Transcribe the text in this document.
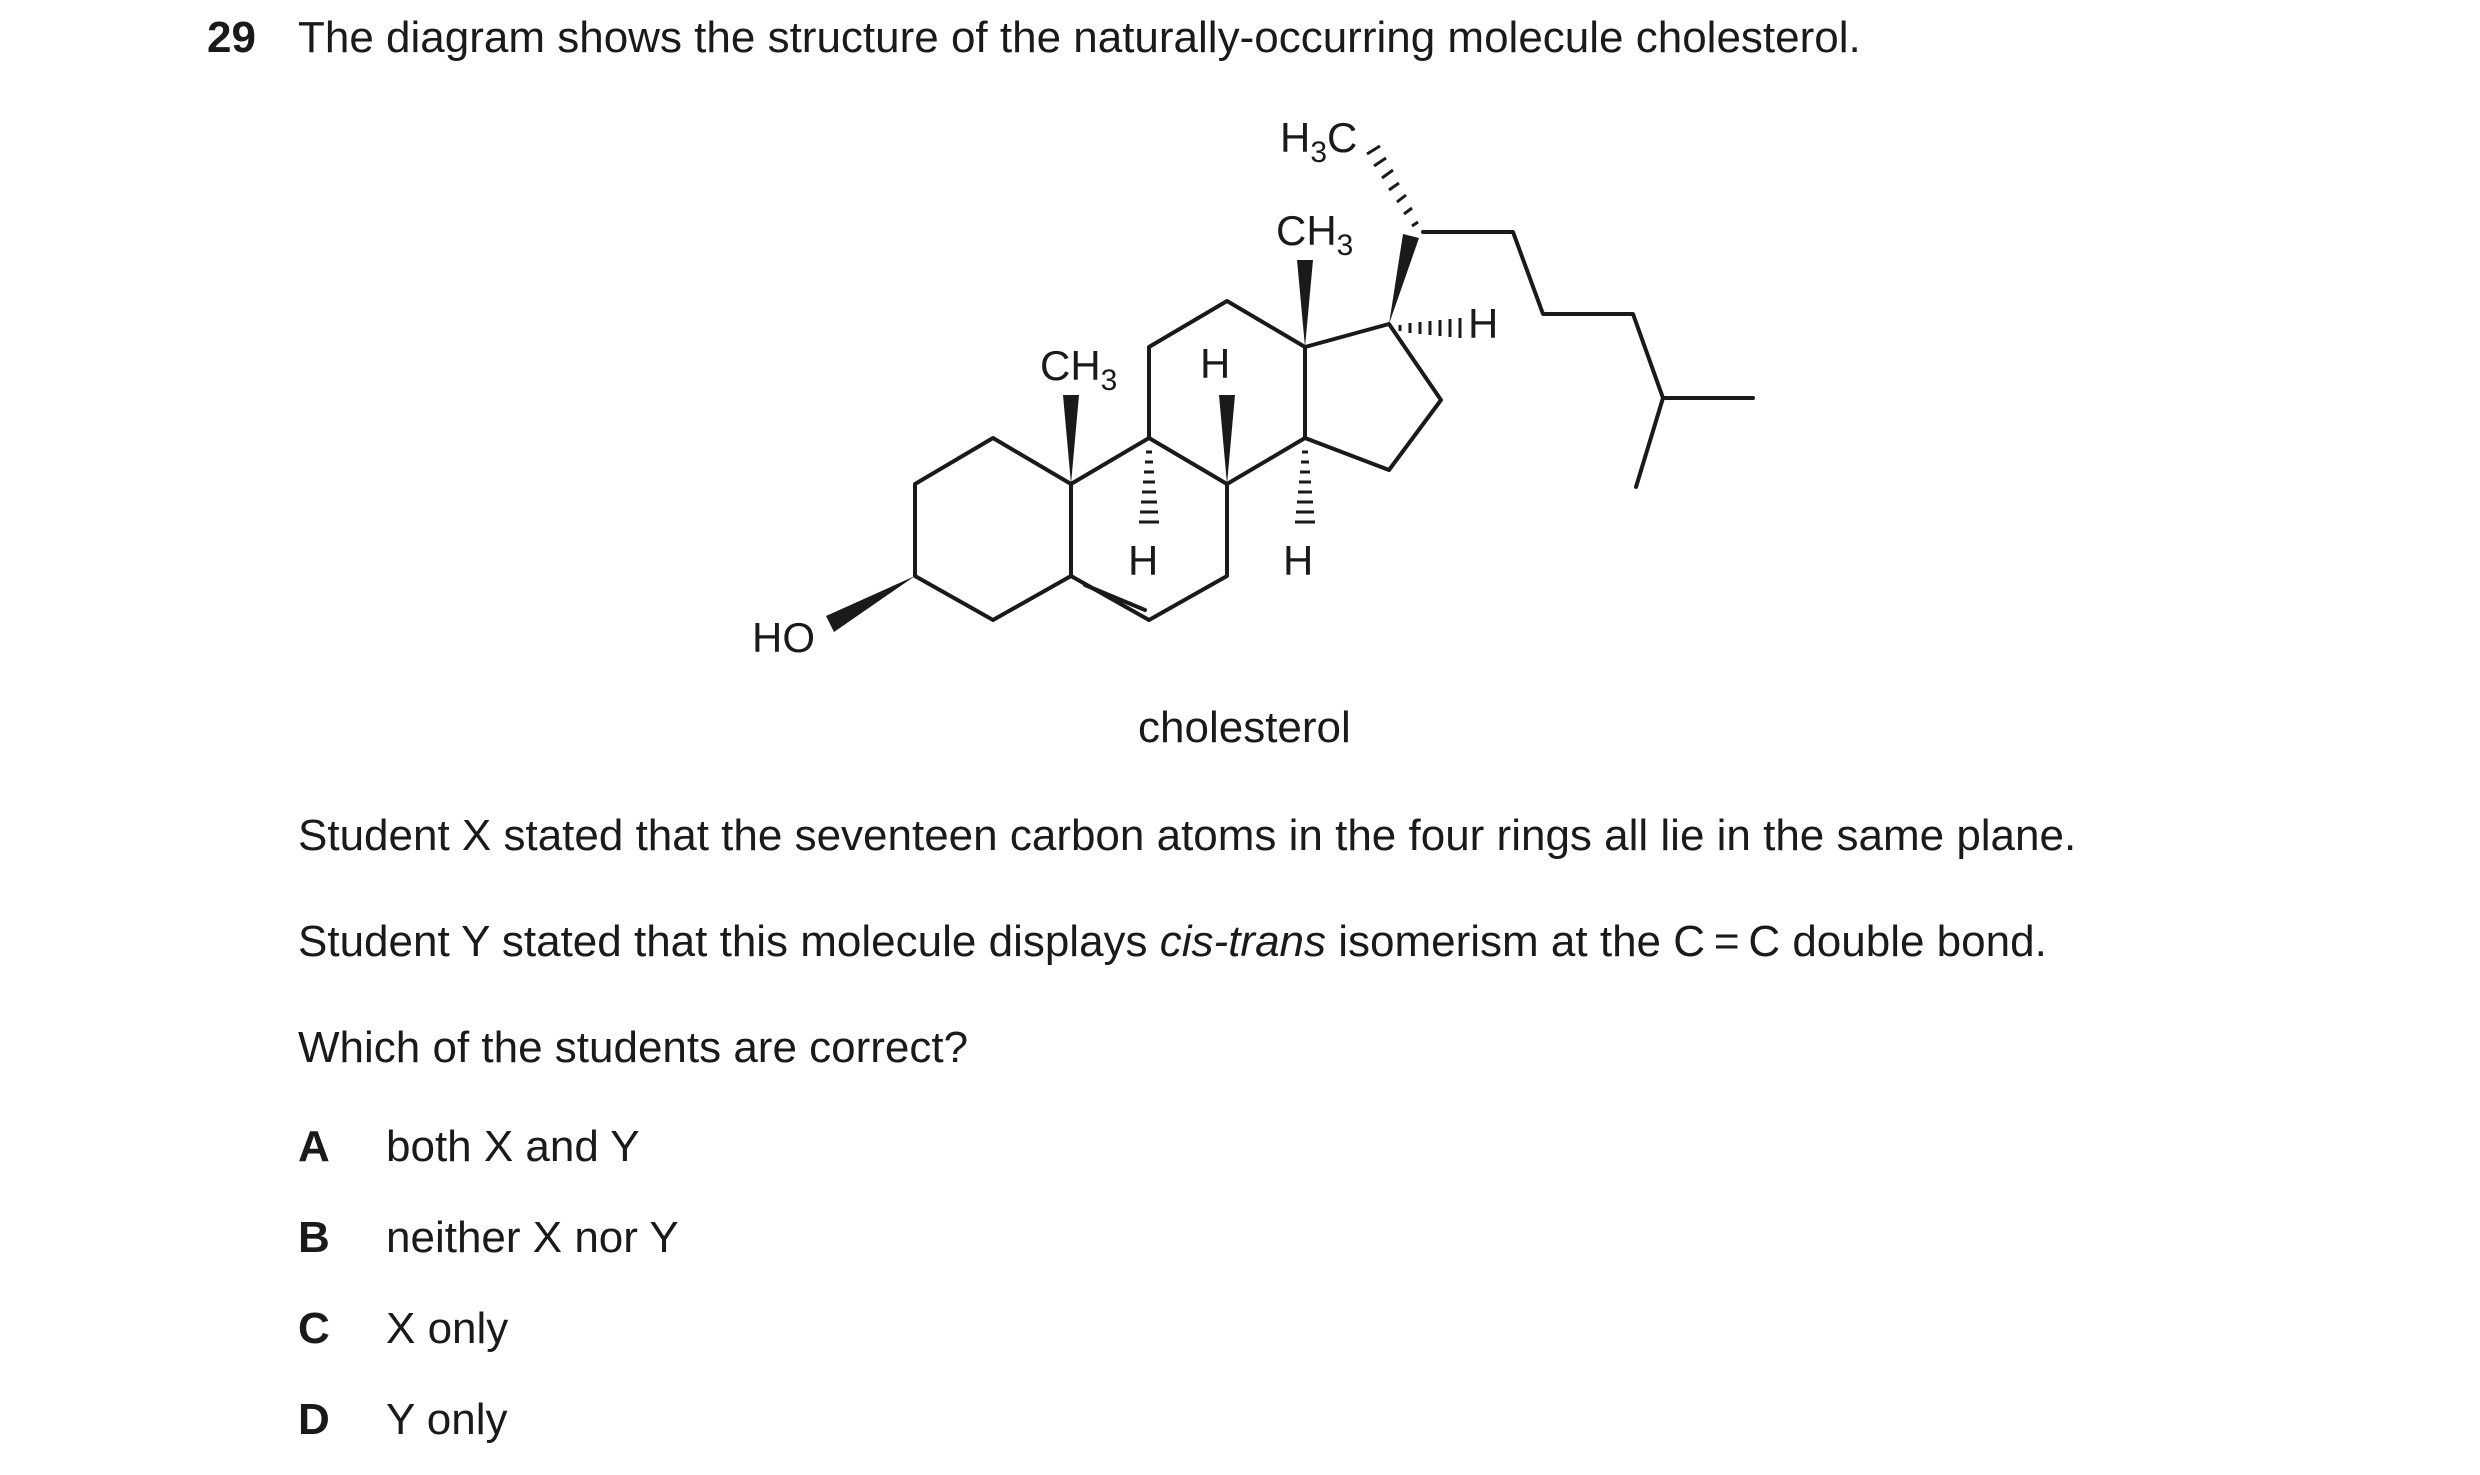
29 The diagram shows the structure of the naturally-occurring molecule cholesterol.
HO
$CH_3$ H
H	H
$CH_3$
$H_3C$
H
cholesterol
Student X stated that the seventeen carbon atoms in the four rings all lie in the same plane.
Student Y stated that this molecule displays cis-trans isomerism at the C = C double bond.
Which of the students are correct?
A both X and Y
B neither X nor Y
C X only
D Y only
